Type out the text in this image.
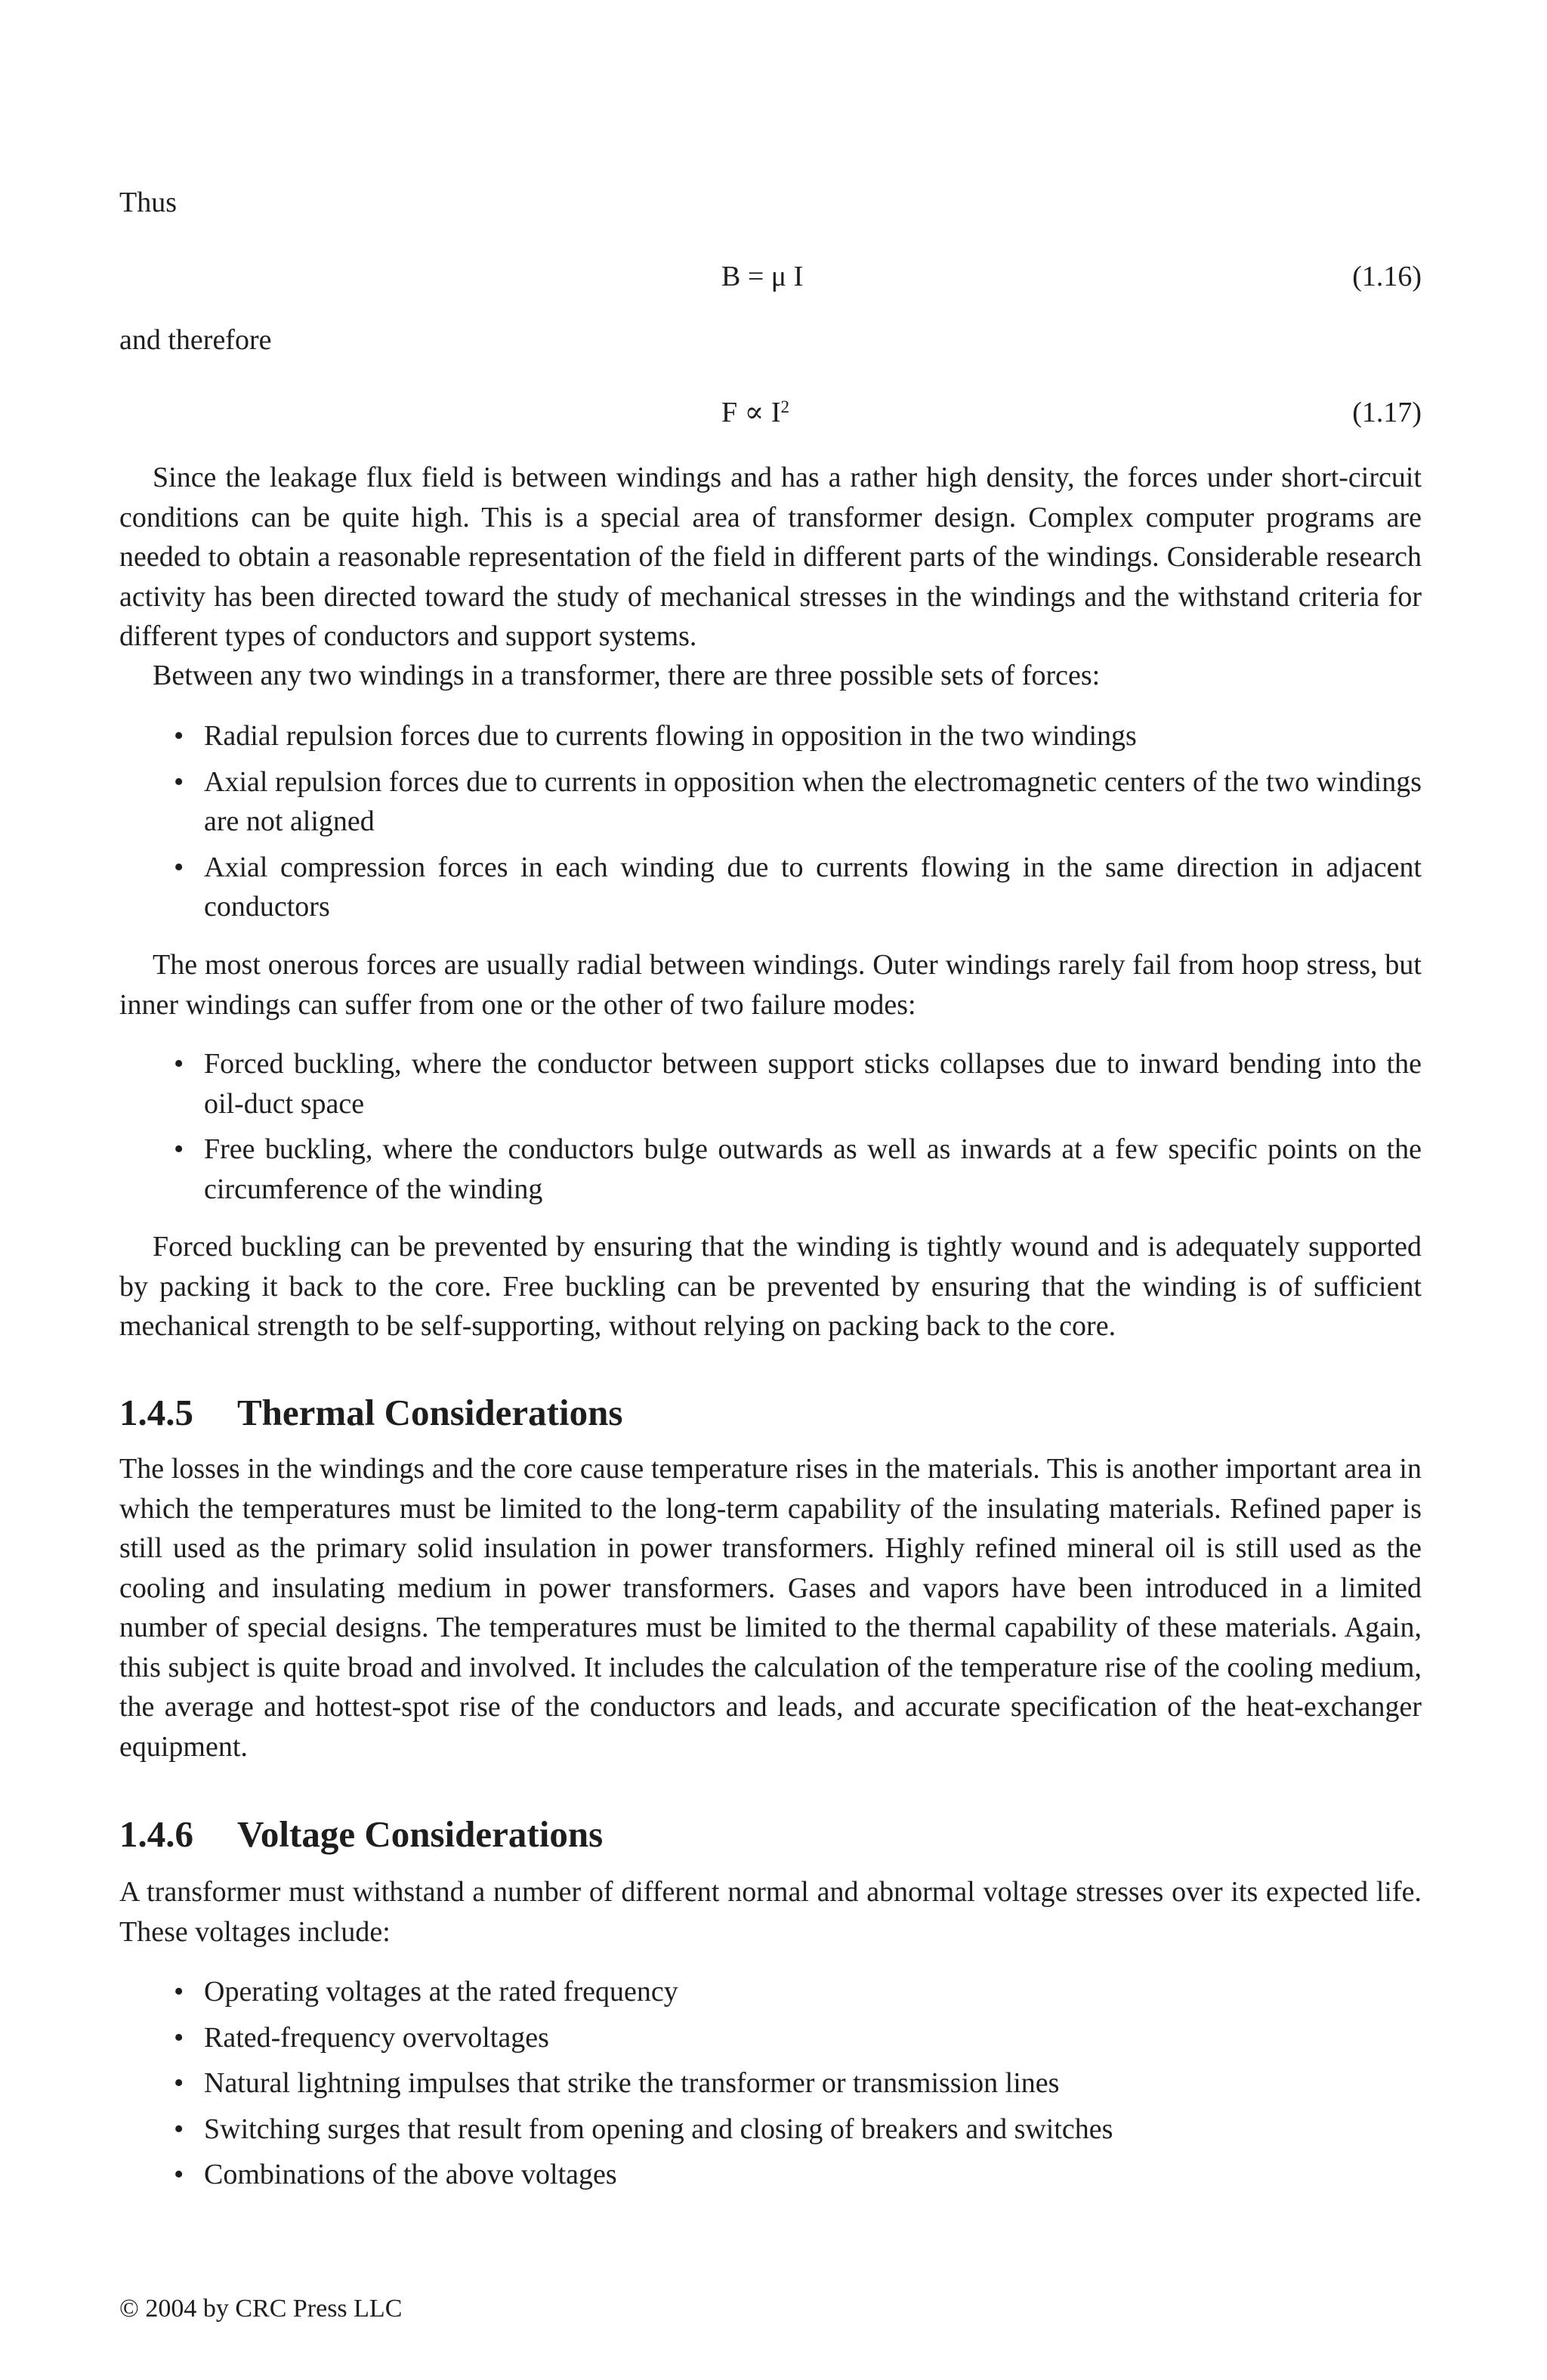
Thus

B = μ I	(1.16)

and therefore

$F \propto I^2$	(1.17)

Since the leakage flux field is between windings and has a rather high density, the forces under short-circuit conditions can be quite high. This is a special area of transformer design. Complex computer programs are needed to obtain a reasonable representation of the field in different parts of the windings. Considerable research activity has been directed toward the study of mechanical stresses in the windings and the withstand criteria for different types of conductors and support systems.

Between any two windings in a transformer, there are three possible sets of forces:

• Radial repulsion forces due to currents flowing in opposition in the two windings
• Axial repulsion forces due to currents in opposition when the electromagnetic centers of the two windings are not aligned
• Axial compression forces in each winding due to currents flowing in the same direction in adjacent conductors

The most onerous forces are usually radial between windings. Outer windings rarely fail from hoop stress, but inner windings can suffer from one or the other of two failure modes:

• Forced buckling, where the conductor between support sticks collapses due to inward bending into the oil-duct space
• Free buckling, where the conductors bulge outwards as well as inwards at a few specific points on the circumference of the winding

Forced buckling can be prevented by ensuring that the winding is tightly wound and is adequately supported by packing it back to the core. Free buckling can be prevented by ensuring that the winding is of sufficient mechanical strength to be self-supporting, without relying on packing back to the core.

1.4.5 Thermal Considerations

The losses in the windings and the core cause temperature rises in the materials. This is another important area in which the temperatures must be limited to the long-term capability of the insulating materials. Refined paper is still used as the primary solid insulation in power transformers. Highly refined mineral oil is still used as the cooling and insulating medium in power transformers. Gases and vapors have been introduced in a limited number of special designs. The temperatures must be limited to the thermal capability of these materials. Again, this subject is quite broad and involved. It includes the calculation of the temperature rise of the cooling medium, the average and hottest-spot rise of the conductors and leads, and accurate specification of the heat-exchanger equipment.

1.4.6 Voltage Considerations

A transformer must withstand a number of different normal and abnormal voltage stresses over its expected life. These voltages include:

• Operating voltages at the rated frequency
• Rated-frequency overvoltages
• Natural lightning impulses that strike the transformer or transmission lines
• Switching surges that result from opening and closing of breakers and switches
• Combinations of the above voltages
© 2004 by CRC Press LLC
